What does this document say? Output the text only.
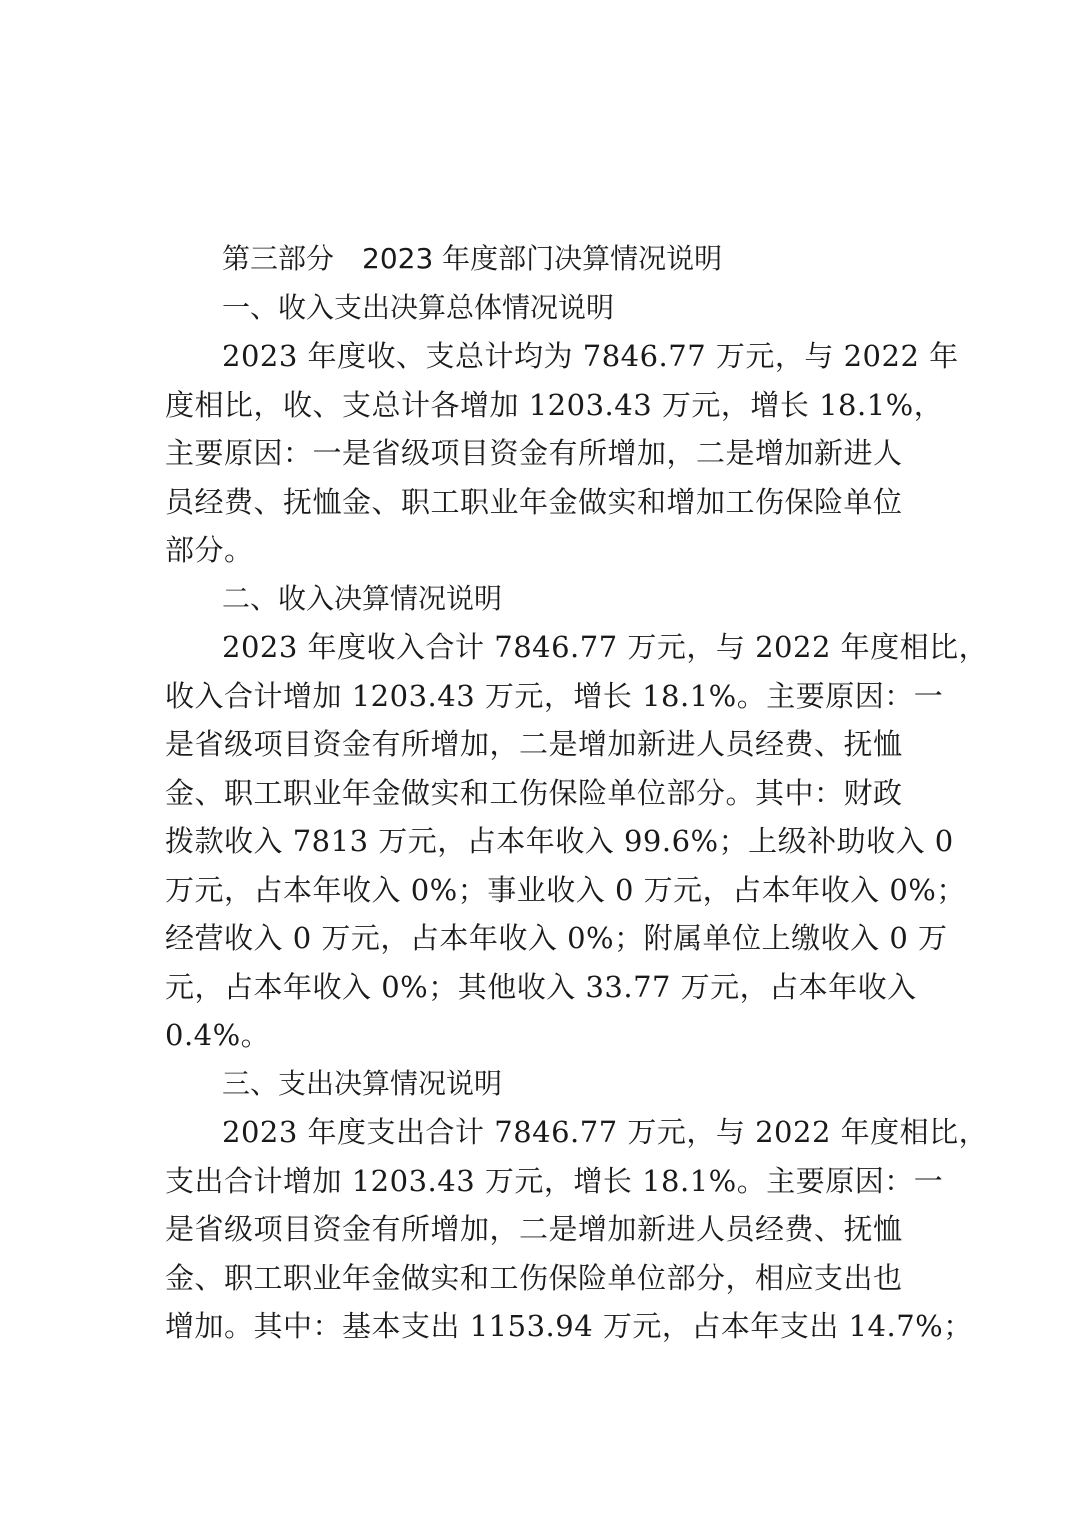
第三部分 2023 年度部门决算情况说明
一、收入支出决算总体情况说明
2023 年度收、支总计均为 7846.77 万元，与 2022 年
度相比，收、支总计各增加 1203.43 万元，增长 18.1%，
主要原因：一是省级项目资金有所增加，二是增加新进人
员经费、抚恤金、职工职业年金做实和增加工伤保险单位
部分。
二、收入决算情况说明
2023 年度收入合计 7846.77 万元，与 2022 年度相比，
收入合计增加 1203.43 万元，增长 18.1%。主要原因：一
是省级项目资金有所增加，二是增加新进人员经费、抚恤
金、职工职业年金做实和工伤保险单位部分。其中：财政
拨款收入 7813 万元，占本年收入 99.6%；上级补助收入 0
万元，占本年收入 0%；事业收入 0 万元，占本年收入 0%；
经营收入 0 万元，占本年收入 0%；附属单位上缴收入 0 万
元，占本年收入 0%；其他收入 33.77 万元，占本年收入
0.4%。
三、支出决算情况说明
2023 年度支出合计 7846.77 万元，与 2022 年度相比，
支出合计增加 1203.43 万元，增长 18.1%。主要原因：一
是省级项目资金有所增加，二是增加新进人员经费、抚恤
金、职工职业年金做实和工伤保险单位部分，相应支出也
增加。其中：基本支出 1153.94 万元，占本年支出 14.7%；
